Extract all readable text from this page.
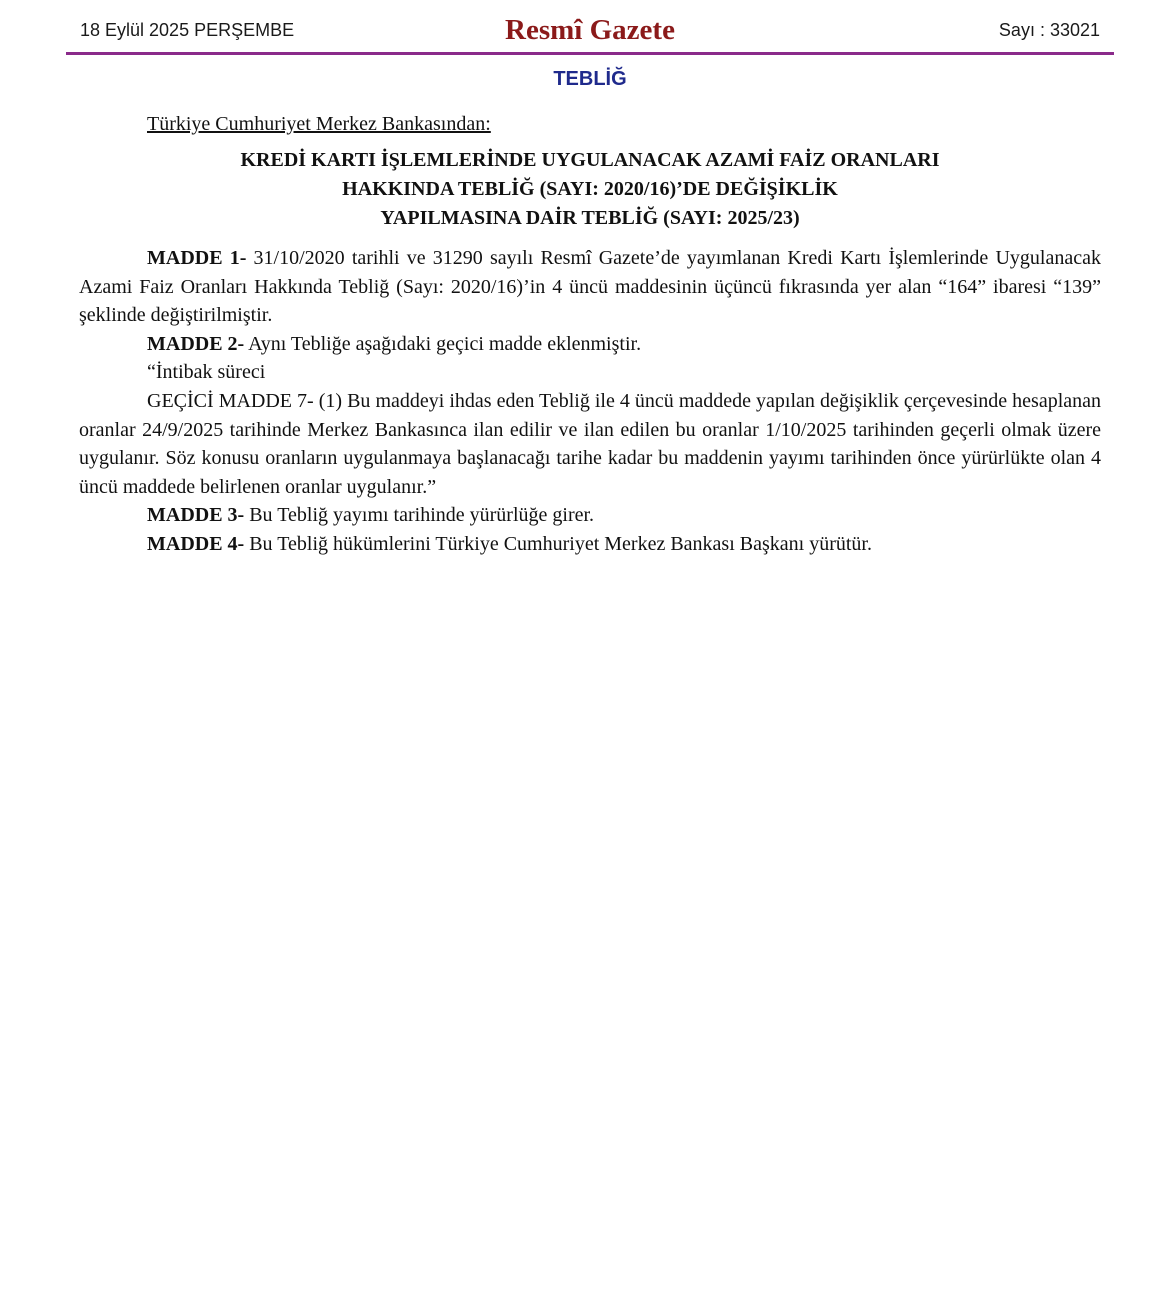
18 Eylül 2025 PERŞEMBE	Resmî Gazete	Sayı : 33021
TEBLİĞ
Türkiye Cumhuriyet Merkez Bankasından:
KREDİ KARTI İŞLEMLERİNDE UYGULANACAK AZAMİ FAİZ ORANLARI
HAKKINDA TEBLİĞ (SAYI: 2020/16)’DE DEĞİŞİKLİK
YAPILMASINA DAİR TEBLİĞ (SAYI: 2025/23)

MADDE 1- 31/10/2020 tarihli ve 31290 sayılı Resmî Gazete’de yayımlanan Kredi Kartı İşlemlerinde Uygulanacak Azami Faiz Oranları Hakkında Tebliğ (Sayı: 2020/16)’in 4 üncü maddesinin üçüncü fıkrasında yer alan “164” ibaresi “139” şeklinde değiştirilmiştir.

MADDE 2- Aynı Tebliğe aşağıdaki geçici madde eklenmiştir.

“İntibak süreci

GEÇİCİ MADDE 7- (1) Bu maddeyi ihdas eden Tebliğ ile 4 üncü maddede yapılan değişiklik çerçevesinde hesaplanan oranlar 24/9/2025 tarihinde Merkez Bankasınca ilan edilir ve ilan edilen bu oranlar 1/10/2025 tarihinden geçerli olmak üzere uygulanır. Söz konusu oranların uygulanmaya başlanacağı tarihe kadar bu maddenin yayımı tarihinden önce yürürlükte olan 4 üncü maddede belirlenen oranlar uygulanır.”

MADDE 3- Bu Tebliğ yayımı tarihinde yürürlüğe girer.

MADDE 4- Bu Tebliğ hükümlerini Türkiye Cumhuriyet Merkez Bankası Başkanı yürütür.
